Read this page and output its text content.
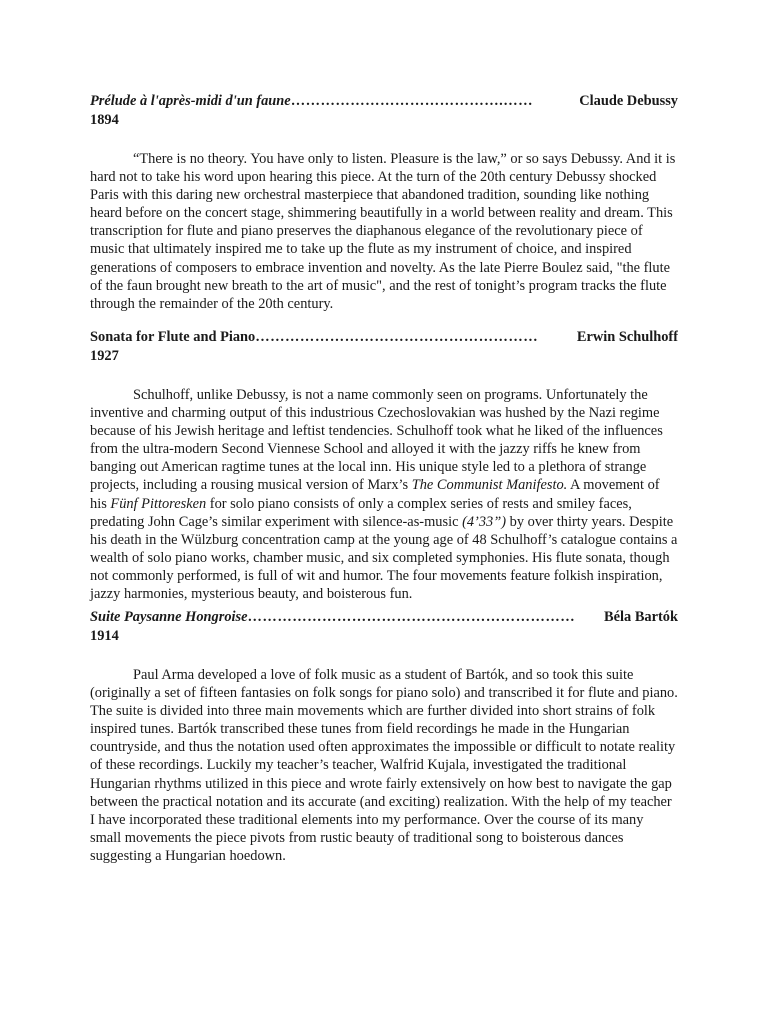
Prélude à l'après-midi d'un faune …………………………………….……	Claude Debussy
1894

“There is no theory. You have only to listen. Pleasure is the law,” or so says Debussy. And it is hard not to take his word upon hearing this piece. At the turn of the 20th century Debussy shocked Paris with this daring new orchestral masterpiece that abandoned tradition, sounding like nothing heard before on the concert stage, shimmering beautifully in a world between reality and dream. This transcription for flute and piano preserves the diaphanous elegance of the revolutionary piece of music that ultimately inspired me to take up the flute as my instrument of choice, and inspired generations of composers to embrace invention and novelty. As the late Pierre Boulez said, "the flute of the faun brought new breath to the art of music", and the rest of tonight’s program tracks the flute through the remainder of the 20th century.

Sonata for Flute and Piano …………………………………………………	Erwin Schulhoff
1927

Schulhoff, unlike Debussy, is not a name commonly seen on programs. Unfortunately the inventive and charming output of this industrious Czechoslovakian was hushed by the Nazi regime because of his Jewish heritage and leftist tendencies. Schulhoff took what he liked of the influences from the ultra-modern Second Viennese School and alloyed it with the jazzy riffs he knew from banging out American ragtime tunes at the local inn. His unique style led to a plethora of strange projects, including a rousing musical version of Marx’s The Communist Manifesto. A movement of his Fünf Pittoresken for solo piano consists of only a complex series of rests and smiley faces, predating John Cage’s similar experiment with silence-as-music (4’33”) by over thirty years. Despite his death in the Wülzburg concentration camp at the young age of 48 Schulhoff’s catalogue contains a wealth of solo piano works, chamber music, and six completed symphonies. His flute sonata, though not commonly performed, is full of wit and humor. The four movements feature folkish inspiration, jazzy harmonies, mysterious beauty, and boisterous fun.

Suite Paysanne Hongroise …………………………………………………………	Béla Bartók
1914

Paul Arma developed a love of folk music as a student of Bartók, and so took this suite (originally a set of fifteen fantasies on folk songs for piano solo) and transcribed it for flute and piano. The suite is divided into three main movements which are further divided into short strains of folk inspired tunes. Bartók transcribed these tunes from field recordings he made in the Hungarian countryside, and thus the notation used often approximates the impossible or difficult to notate reality of these recordings. Luckily my teacher’s teacher, Walfrid Kujala, investigated the traditional Hungarian rhythms utilized in this piece and wrote fairly extensively on how best to navigate the gap between the practical notation and its accurate (and exciting) realization. With the help of my teacher I have incorporated these traditional elements into my performance. Over the course of its many small movements the piece pivots from rustic beauty of traditional song to boisterous dances suggesting a Hungarian hoedown.
